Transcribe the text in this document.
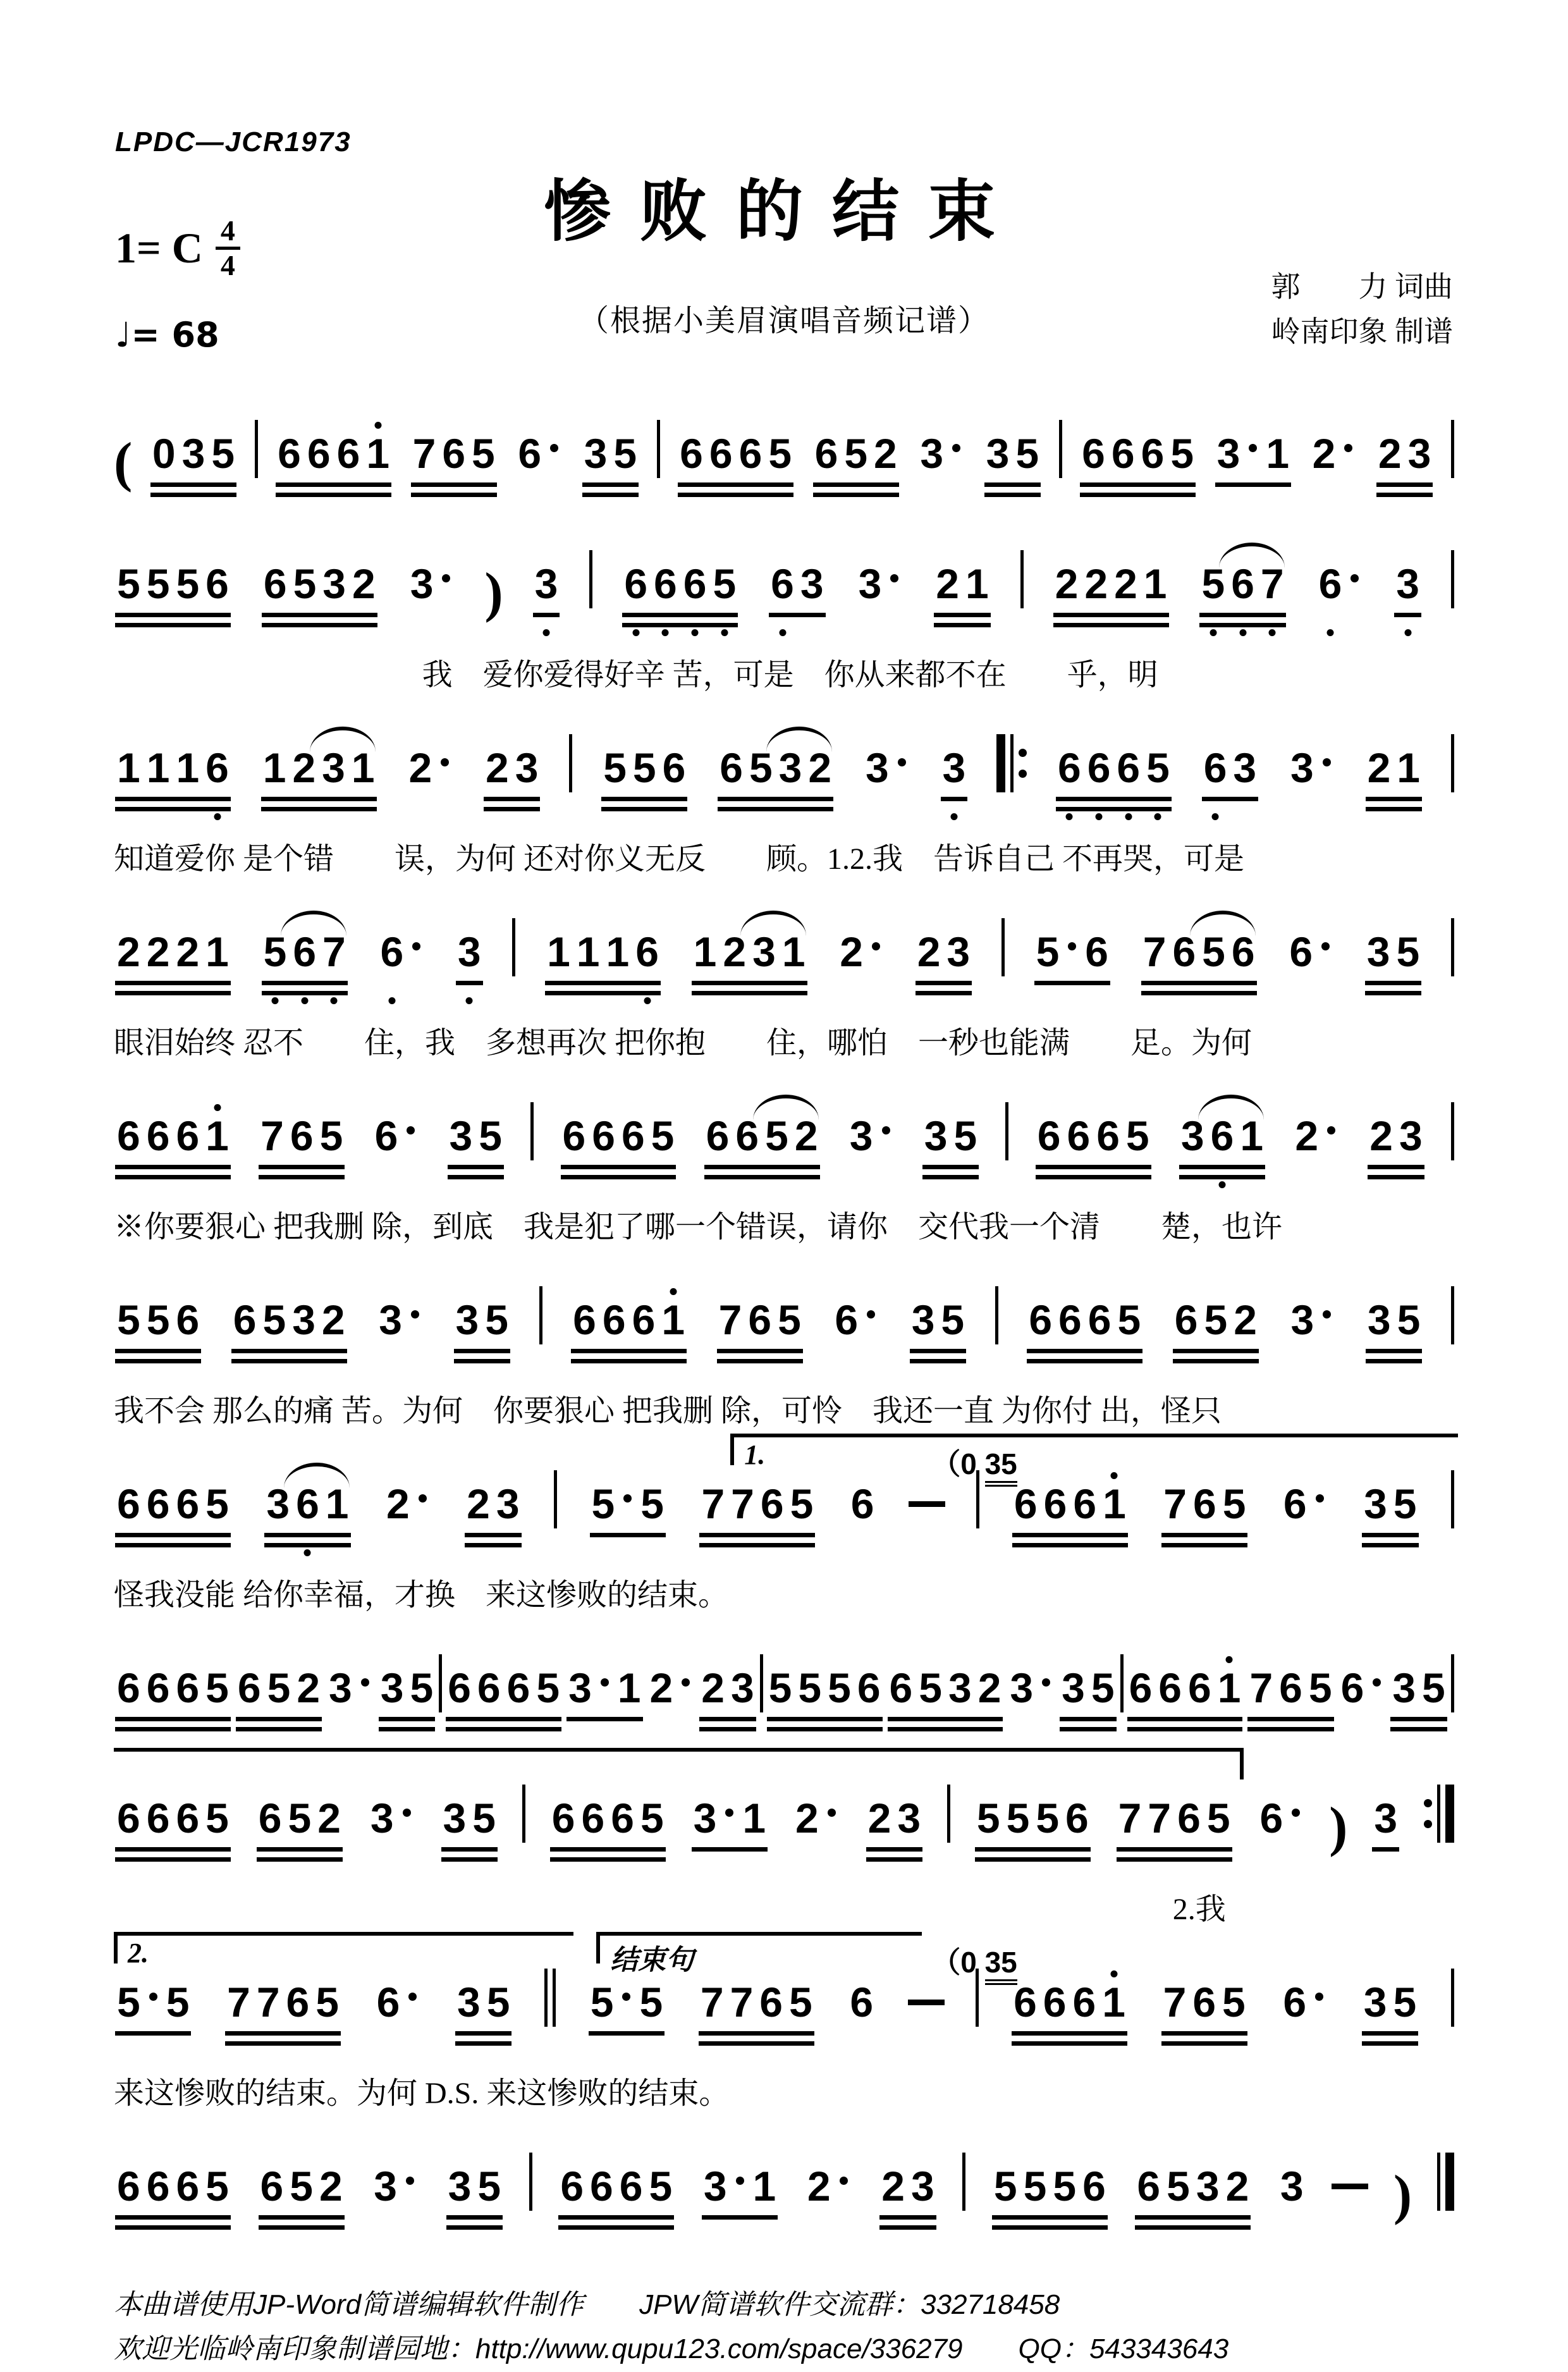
LPDC—JCR1973
1= C $\frac{4}{4}$
♩= 68
惨败的结束
（根据小美眉演唱音频记谱）
郭　　力 词曲
岭南印象 制谱
( 0 3 5 6 6 6 1 7 6 5 6	3 5 6 6 6 5 6 5 2 3	3 5 6 6 6 5 3 1 2	2 3
5 5 5 6 6 5 3 2 3 ) 3 6 6 6 5 6 3 3	2 1 2 2 2 1 5 6 7 6	3
我　爱你爱得好辛 苦，可是　你从来都不在　　乎，明
1 1 1 6 1 2 3 1 2	2 3 5 5 6 6 5 3 2 3	3 6 6 6 5 6 3 3	2 1
知道爱你 是个错　　误，为何 还对你义无反　　顾。1.2.我　告诉自己 不再哭，可是
2 2 2 1 5 6 7 6	3 1 1 1 6 1 2 3 1 2	2 3 5 6 7 6 5 6 6	3 5
眼泪始终 忍不　　住，我　多想再次 把你抱　　住，哪怕　一秒也能满　　足。为何
6 6 6 1 7 6 5 6	3 5 6 6 6 5 6 6 5 2 3	3 5 6 6 6 5 3 6 1 2	2 3
※你要狠心 把我删 除，到底　我是犯了哪一个错误，请你　交代我一个清　　楚，也许
5 5 6 6 5 3 2 3	3 5 6 6 6 1 7 6 5 6	3 5 6 6 6 5 6 5 2 3	3 5
我不会 那么的痛 苦。为何　你要狠心 把我删 除，可怜　我还一直 为你付 出，怪只
1.	（0 35
6 6 6 5 3 6 1 2	2 3 5 5 7 7 6 5 6	6 6 6 1 7 6 5 6	3 5
怪我没能 给你幸福，才换　来这惨败的结束。
6 6 6 5 6 5 2 3 3 5 6 6 6 5 3 1 2 2 3 5 5 5 6 6 5 3 2 3 3 5 6 6 6 1 7 6 5 6 3 5
6 6 6 5 6 5 2 3	3 5 6 6 6 5 3 1 2	2 3 5 5 5 6 7 7 6 5 6 ) 3
2.我
2.	结束句	（0 35
5 5 7 7 6 5 6	3 5 5 5 7 7 6 5 6	6 6 6 1 7 6 5 6	3 5
来这惨败的结束。为何 D.S. 来这惨败的结束。
6 6 6 5 6 5 2 3	3 5 6 6 6 5 3 1 2	2 3 5 5 5 6 6 5 3 2 3 )
本曲谱使用JP-Word简谱编辑软件制作　　JPW简谱软件交流群：332718458
欢迎光临岭南印象制谱园地：http://www.qupu123.com/space/336279　　QQ：543343643
